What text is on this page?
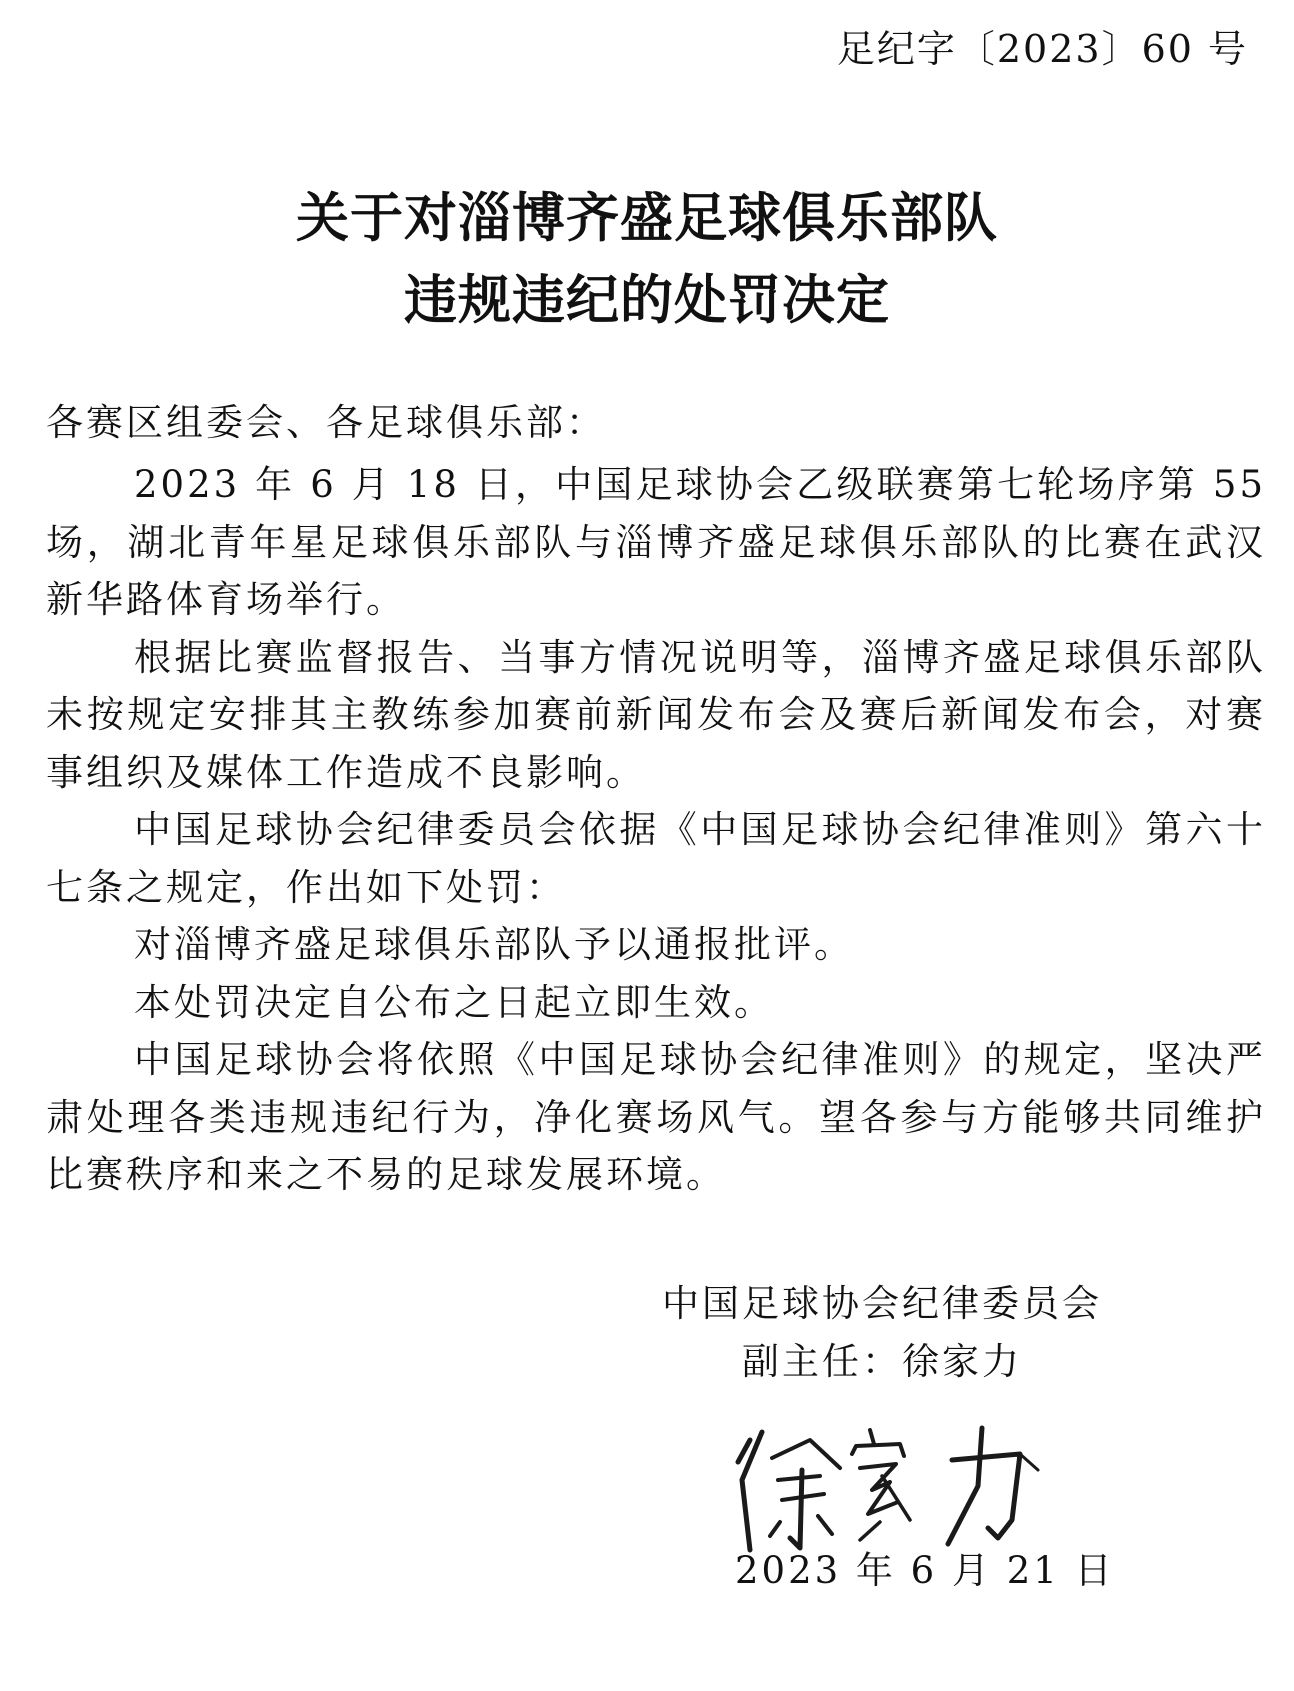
足纪字〔2023〕60 号
关于对淄博齐盛足球俱乐部队
违规违纪的处罚决定
各赛区组委会、各足球俱乐部：

2023 年 6 月 18 日，中国足球协会乙级联赛第七轮场序第 55 场，湖北青年星足球俱乐部队与淄博齐盛足球俱乐部队的比赛在武汉新华路体育场举行。

根据比赛监督报告、当事方情况说明等，淄博齐盛足球俱乐部队未按规定安排其主教练参加赛前新闻发布会及赛后新闻发布会，对赛事组织及媒体工作造成不良影响。

中国足球协会纪律委员会依据《中国足球协会纪律准则》第六十七条之规定，作出如下处罚：

对淄博齐盛足球俱乐部队予以通报批评。

本处罚决定自公布之日起立即生效。

中国足球协会将依照《中国足球协会纪律准则》的规定，坚决严肃处理各类违规违纪行为，净化赛场风气。望各参与方能够共同维护比赛秩序和来之不易的足球发展环境。

中国足球协会纪律委员会
副主任：徐家力
2023 年 6 月 21 日
